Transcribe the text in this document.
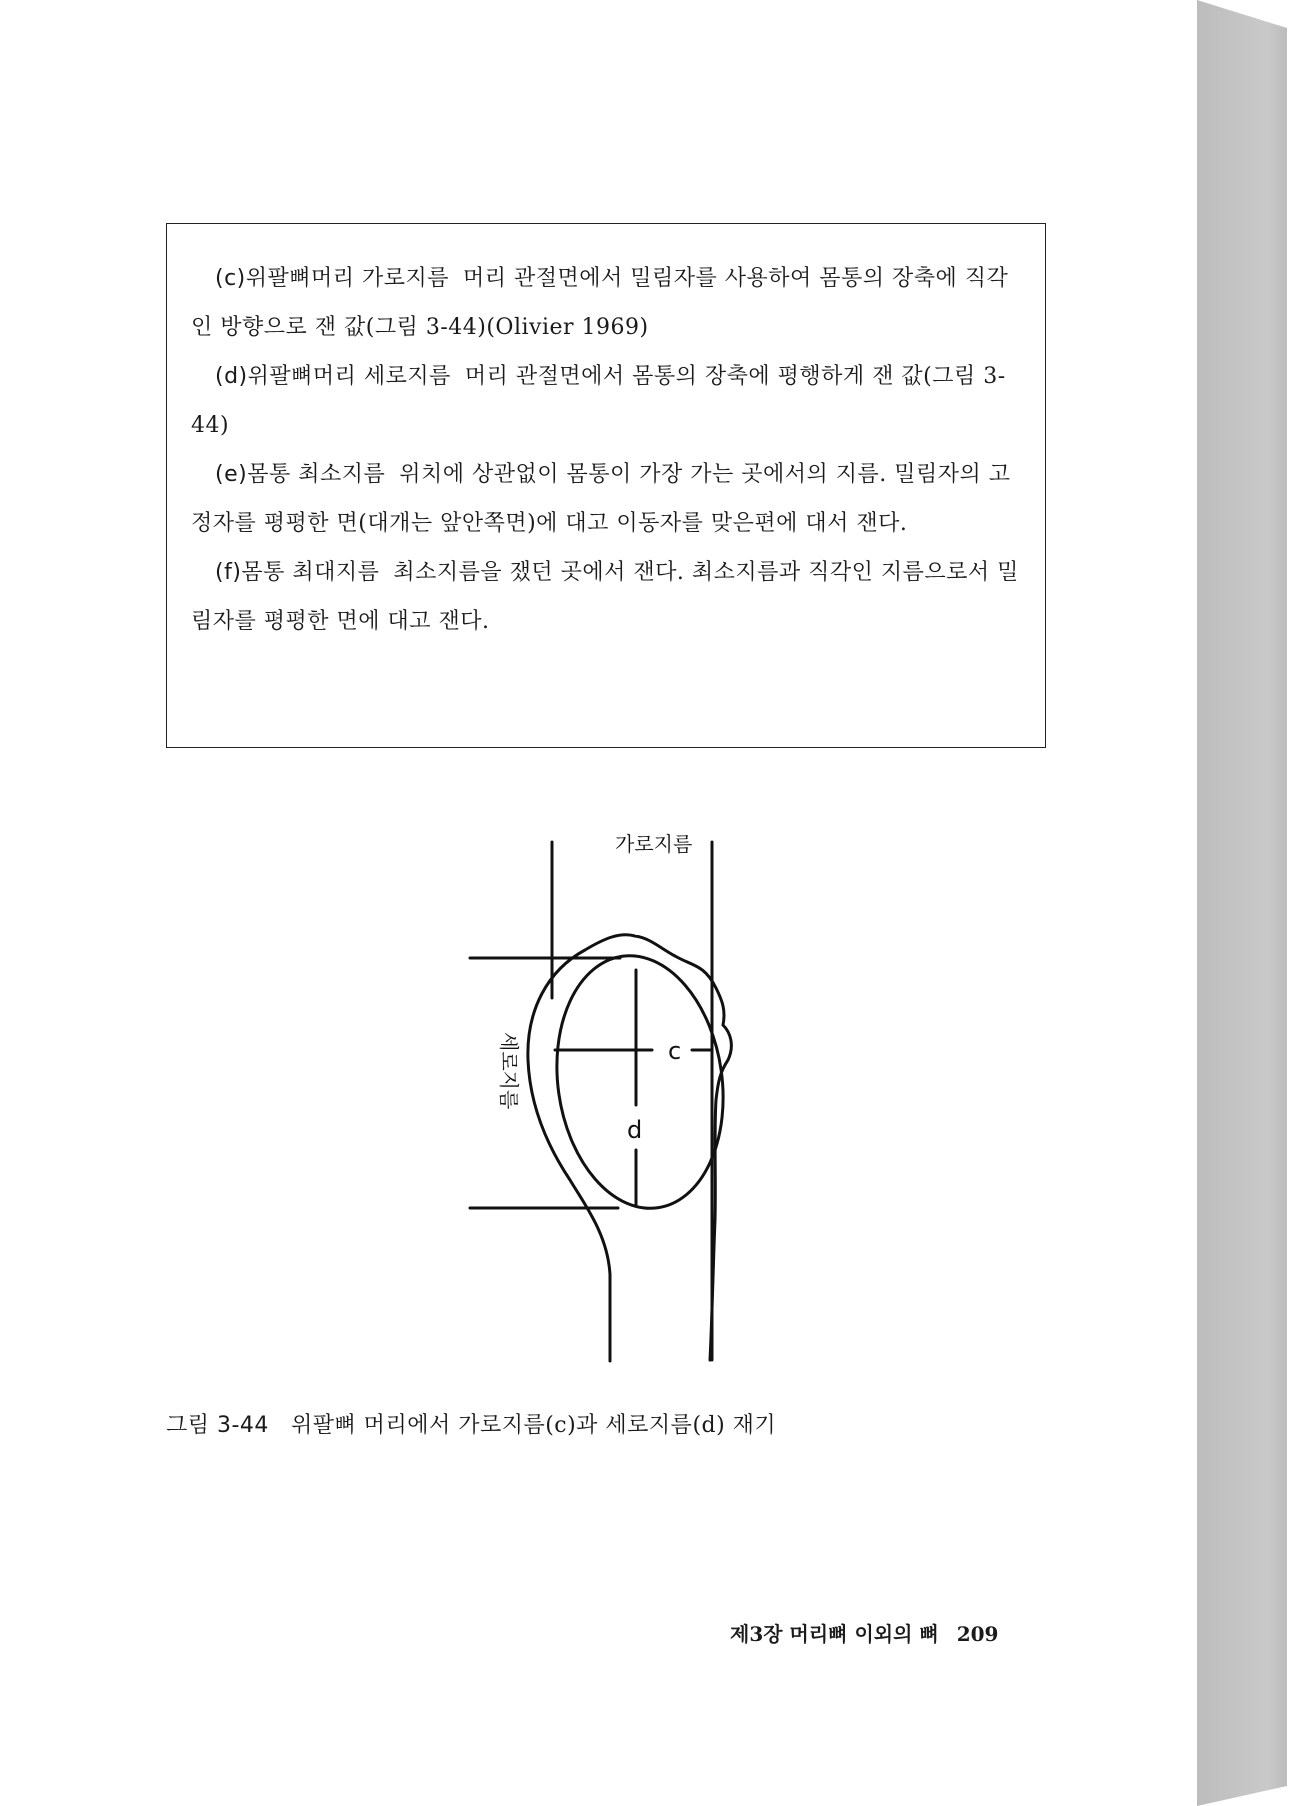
(c)위팔뼈머리 가로지름 머리 관절면에서 밀림자를 사용하여 몸통의 장축에 직각인 방향으로 잰 값(그림 3-44)(Olivier 1969)

(d)위팔뼈머리 세로지름 머리 관절면에서 몸통의 장축에 평행하게 잰 값(그림 3-44)

(e)몸통 최소지름 위치에 상관없이 몸통이 가장 가는 곳에서의 지름. 밀림자의 고정자를 평평한 면(대개는 앞안쪽면)에 대고 이동자를 맞은편에 대서 잰다.

(f)몸통 최대지름 최소지름을 쟀던 곳에서 잰다. 최소지름과 직각인 지름으로서 밀림자를 평평한 면에 대고 잰다.

가로지름
세로지름	c
d
그림 3-44 위팔뼈 머리에서 가로지름(c)과 세로지름(d) 재기
제3장 머리뼈 이외의 뼈 209
